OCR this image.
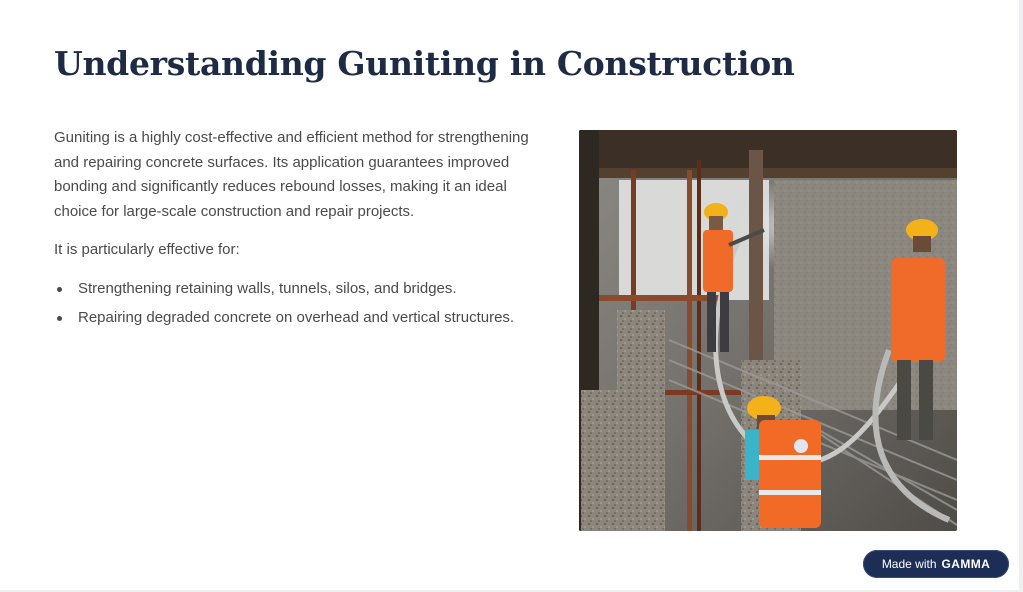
Understanding Guniting in Construction

Guniting is a highly cost-effective and efficient method for strengthening and repairing concrete surfaces. Its application guarantees improved bonding and significantly reduces rebound losses, making it an ideal choice for large-scale construction and repair projects.

It is particularly effective for:

Strengthening retaining walls, tunnels, silos, and bridges.
Repairing degraded concrete on overhead and vertical structures.
Made with GAMMA
